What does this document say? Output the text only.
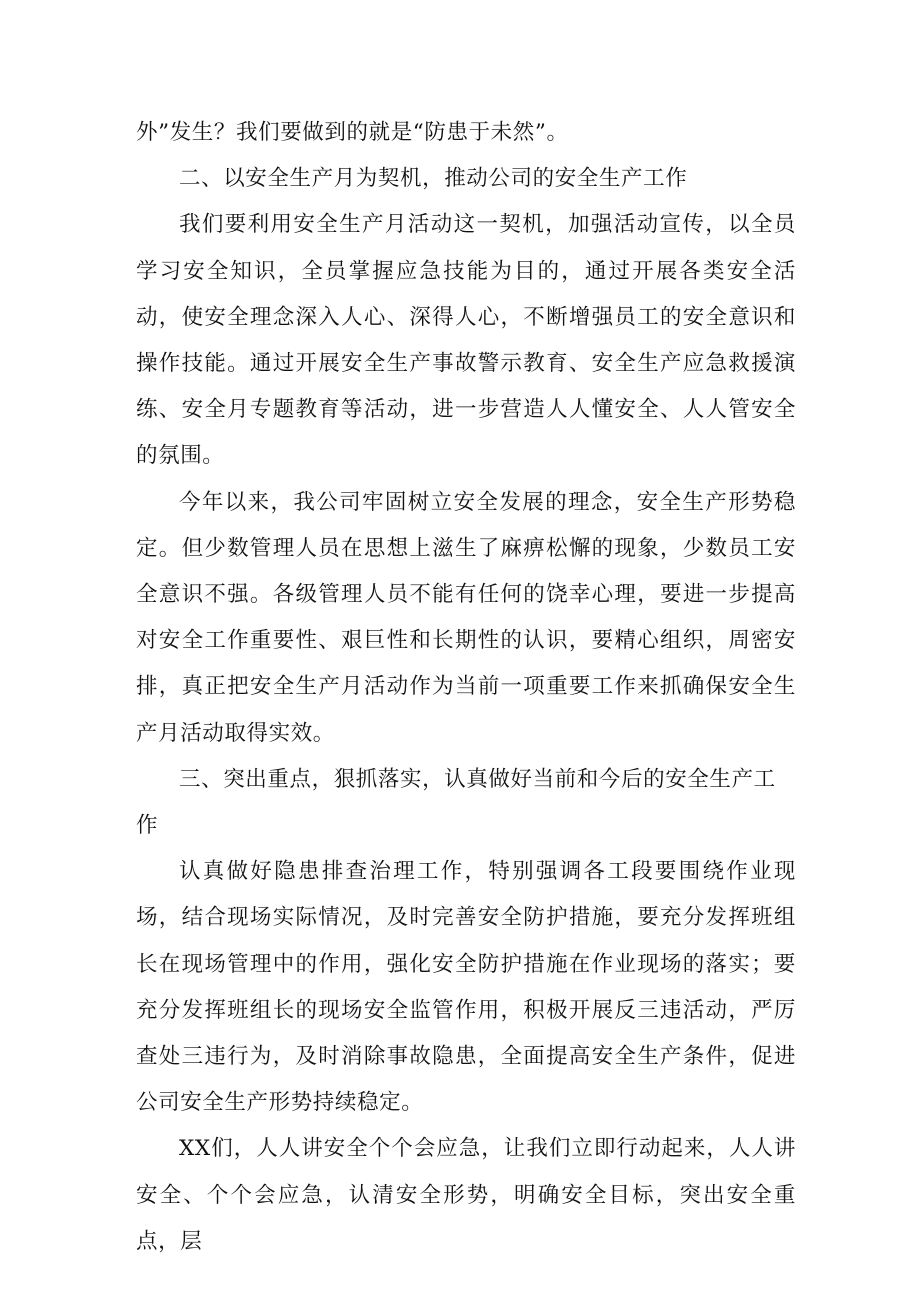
外”发生？我们要做到的就是“防患于未然”。

二、以安全生产月为契机，推动公司的安全生产工作

我们要利用安全生产月活动这一契机，加强活动宣传，以全员学习安全知识，全员掌握应急技能为目的，通过开展各类安全活动，使安全理念深入人心、深得人心，不断增强员工的安全意识和操作技能。通过开展安全生产事故警示教育、安全生产应急救援演练、安全月专题教育等活动，进一步营造人人懂安全、人人管安全的氛围。

今年以来，我公司牢固树立安全发展的理念，安全生产形势稳定。但少数管理人员在思想上滋生了麻痹松懈的现象，少数员工安全意识不强。各级管理人员不能有任何的饶幸心理，要进一步提高对安全工作重要性、艰巨性和长期性的认识，要精心组织，周密安排，真正把安全生产月活动作为当前一项重要工作来抓确保安全生产月活动取得实效。

三、突出重点，狠抓落实，认真做好当前和今后的安全生产工作

认真做好隐患排查治理工作，特别强调各工段要围绕作业现场，结合现场实际情况，及时完善安全防护措施，要充分发挥班组长在现场管理中的作用，强化安全防护措施在作业现场的落实；要充分发挥班组长的现场安全监管作用，积极开展反三违活动，严厉查处三违行为，及时消除事故隐患，全面提高安全生产条件，促进公司安全生产形势持续稳定。

XX们，人人讲安全个个会应急，让我们立即行动起来，人人讲安全、个个会应急，认清安全形势，明确安全目标，突出安全重点，层
